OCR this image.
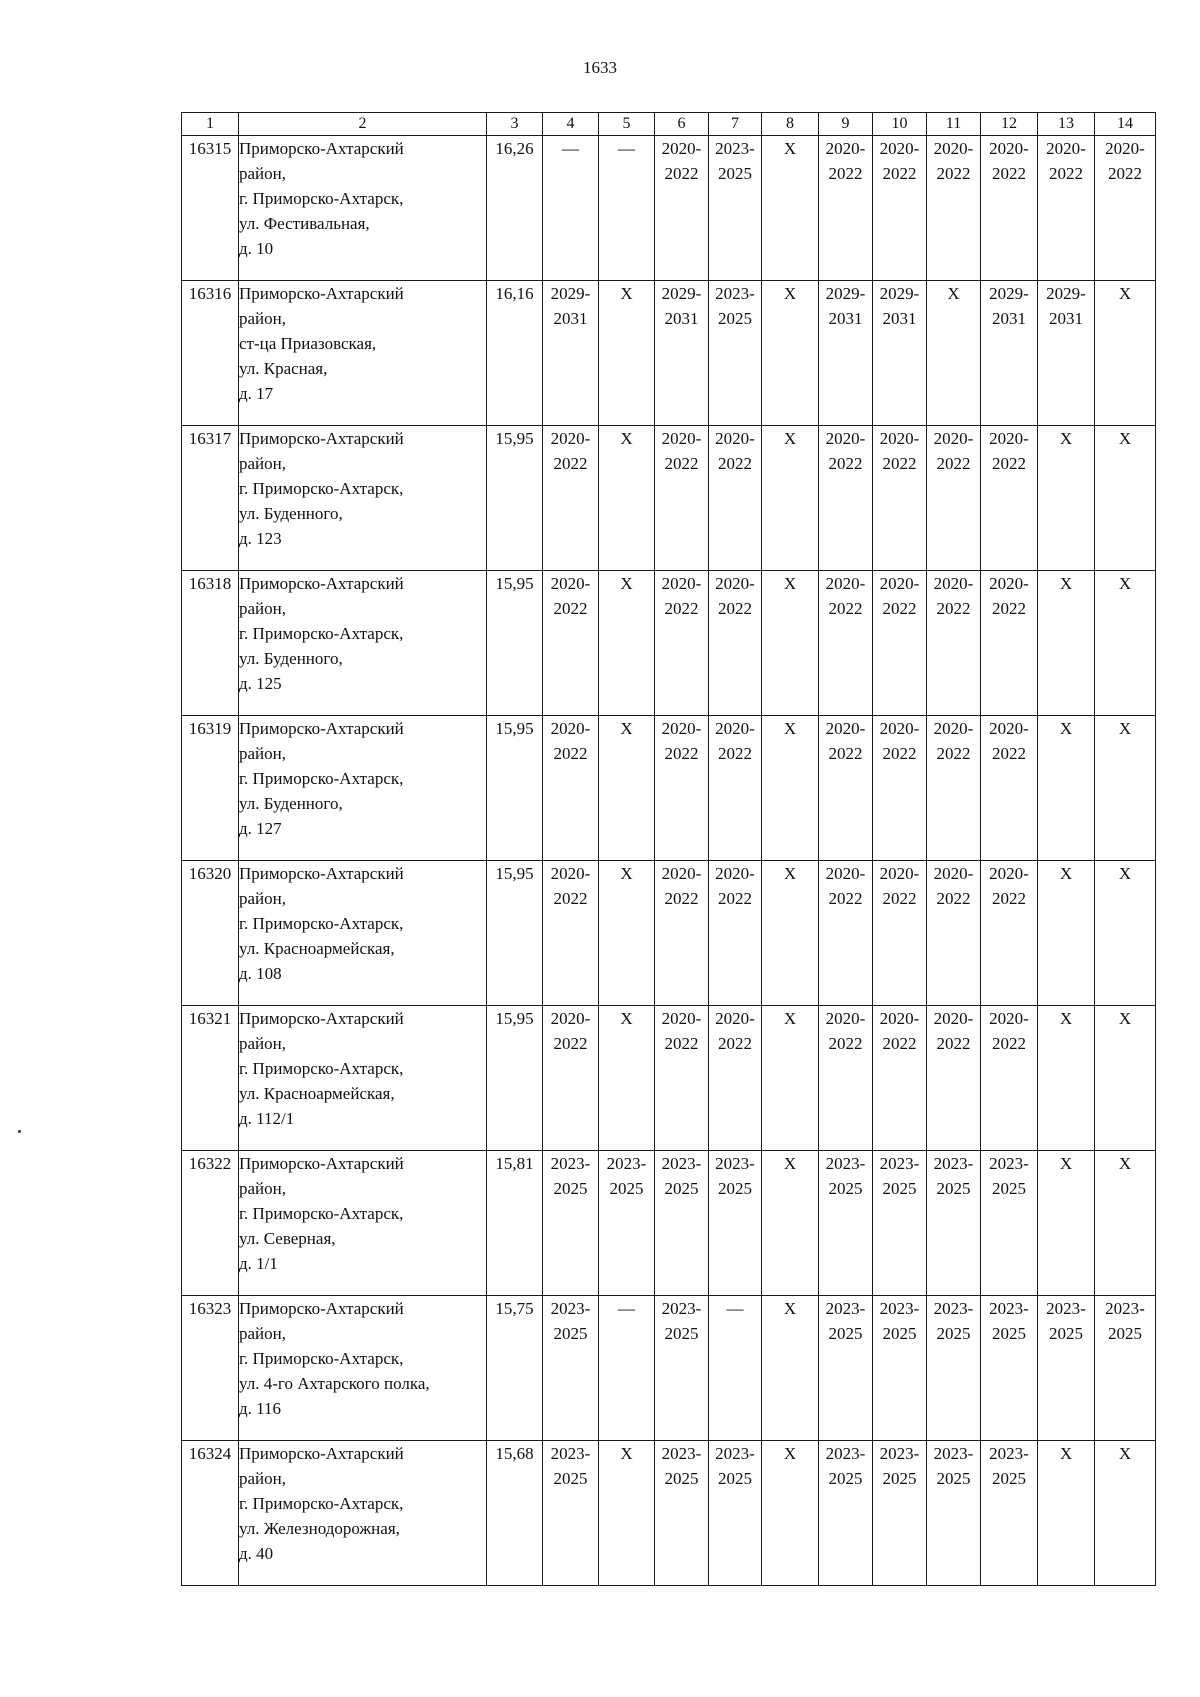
1633
1	2	3	4	5	6	7	8	9	10	11	12	13	14
16315	Приморско-Ахтарский
район,
г. Приморско-Ахтарск,
ул. Фестивальная,
д. 10	16,26	—	—	2020-
2022	2023-
2025	X	2020-
2022	2020-
2022	2020-
2022	2020-
2022	2020-
2022	2020-
2022

16316	Приморско-Ахтарский
район,
ст-ца Приазовская,
ул. Красная,
д. 17	16,16	2029-
2031	X	2029-
2031	2023-
2025	X	2029-
2031	2029-
2031	X	2029-
2031	2029-
2031	X

16317	Приморско-Ахтарский
район,
г. Приморско-Ахтарск,
ул. Буденного,
д. 123	15,95	2020-
2022	X	2020-
2022	2020-
2022	X	2020-
2022	2020-
2022	2020-
2022	2020-
2022	X	X

16318	Приморско-Ахтарский
район,
г. Приморско-Ахтарск,
ул. Буденного,
д. 125	15,95	2020-
2022	X	2020-
2022	2020-
2022	X	2020-
2022	2020-
2022	2020-
2022	2020-
2022	X	X

16319	Приморско-Ахтарский
район,
г. Приморско-Ахтарск,
ул. Буденного,
д. 127	15,95	2020-
2022	X	2020-
2022	2020-
2022	X	2020-
2022	2020-
2022	2020-
2022	2020-
2022	X	X

16320	Приморско-Ахтарский
район,
г. Приморско-Ахтарск,
ул. Красноармейская,
д. 108	15,95	2020-
2022	X	2020-
2022	2020-
2022	X	2020-
2022	2020-
2022	2020-
2022	2020-
2022	X	X

16321	Приморско-Ахтарский
район,
г. Приморско-Ахтарск,
ул. Красноармейская,
д. 112/1	15,95	2020-
2022	X	2020-
2022	2020-
2022	X	2020-
2022	2020-
2022	2020-
2022	2020-
2022	X	X

16322	Приморско-Ахтарский
район,
г. Приморско-Ахтарск,
ул. Северная,
д. 1/1	15,81	2023-
2025	2023-
2025	2023-
2025	2023-
2025	X	2023-
2025	2023-
2025	2023-
2025	2023-
2025	X	X

16323	Приморско-Ахтарский
район,
г. Приморско-Ахтарск,
ул. 4-го Ахтарского полка,
д. 116	15,75	2023-
2025	—	2023-
2025	—	X	2023-
2025	2023-
2025	2023-
2025	2023-
2025	2023-
2025	2023-
2025

16324	Приморско-Ахтарский
район,
г. Приморско-Ахтарск,
ул. Железнодорожная,
д. 40	15,68	2023-
2025	X	2023-
2025	2023-
2025	X	2023-
2025	2023-
2025	2023-
2025	2023-
2025	X	X
